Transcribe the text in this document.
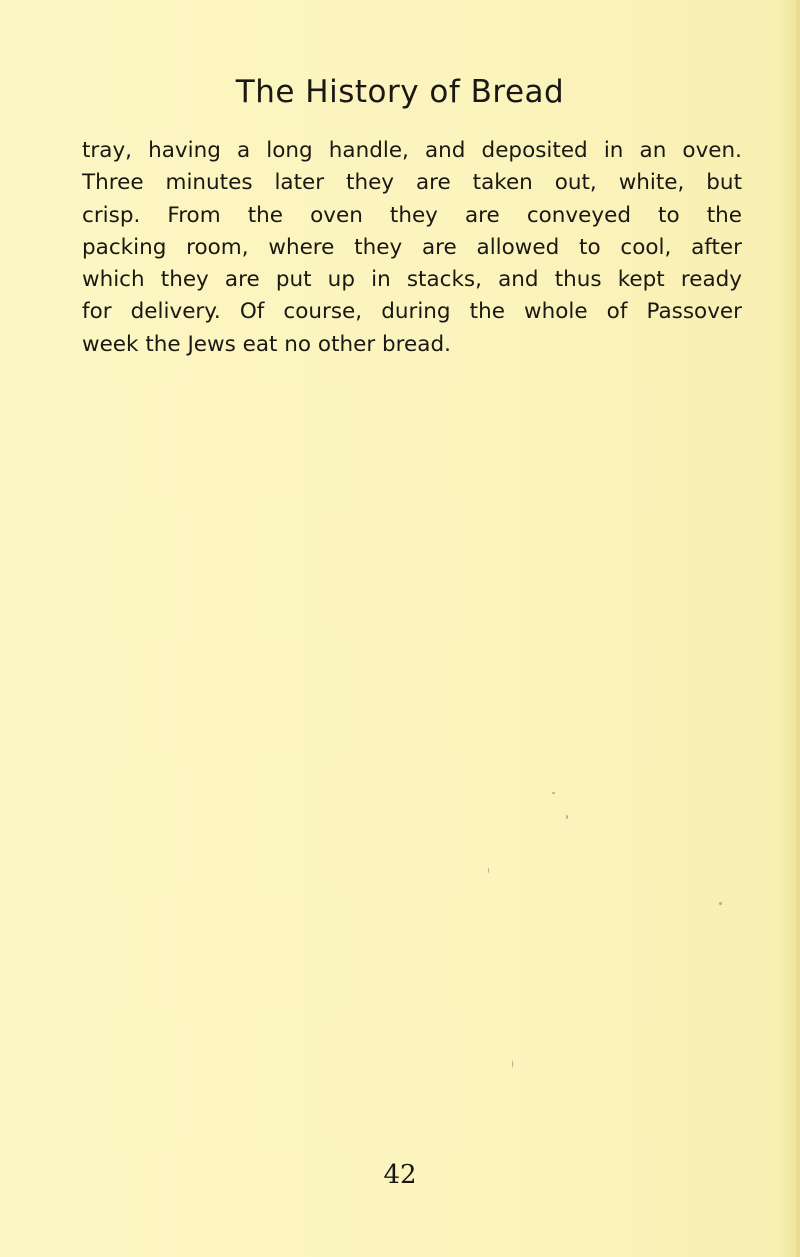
The History of Bread

tray, having a long handle, and deposited in an oven.
Three minutes later they are taken out, white, but
crisp. From the oven they are conveyed to the
packing room, where they are allowed to cool, after
which they are put up in stacks, and thus kept ready
for delivery. Of course, during the whole of Passover
week the Jews eat no other bread.

42
